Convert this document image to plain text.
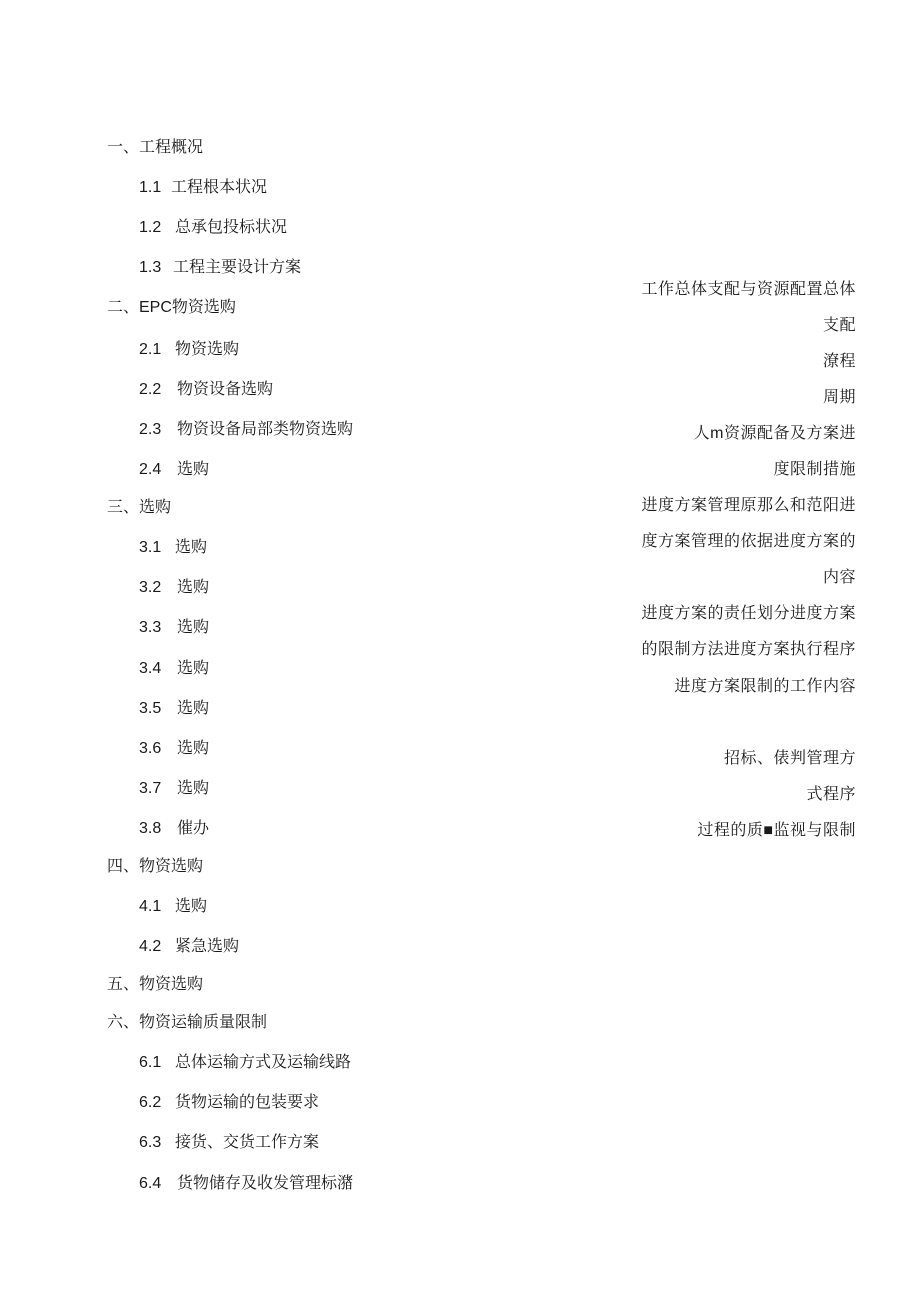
一、工程概况
1.1 工程根本状况
1.2 总承包投标状况
1.3 工程主要设计方案
二、EPC物资选购
2.1 物资选购
2.2 物资设备选购
2.3 物资设备局部类物资选购
2.4 选购
三、选购
3.1 选购
3.2 选购
3.3 选购
3.4 选购
3.5 选购
3.6 选购
3.7 选购
3.8 催办
四、物资选购
4.1 选购
4.2 紧急选购
五、物资选购
六、物资运输质量限制
6.1 总体运输方式及运输线路
6.2 货物运输的包装要求
6.3 接货、交货工作方案
6.4 货物储存及收发管理标潴
工作总体支配与资源配置总体
支配
潦程
周期
人m资源配备及方案进
度限制措施
进度方案管理原那么和范阳进
度方案管理的依据进度方案的
内容
进度方案的责任划分进度方案
的限制方法进度方案执行程序
进度方案限制的工作内容
招标、俵判管理方
式程序
过程的质■监视与限制
